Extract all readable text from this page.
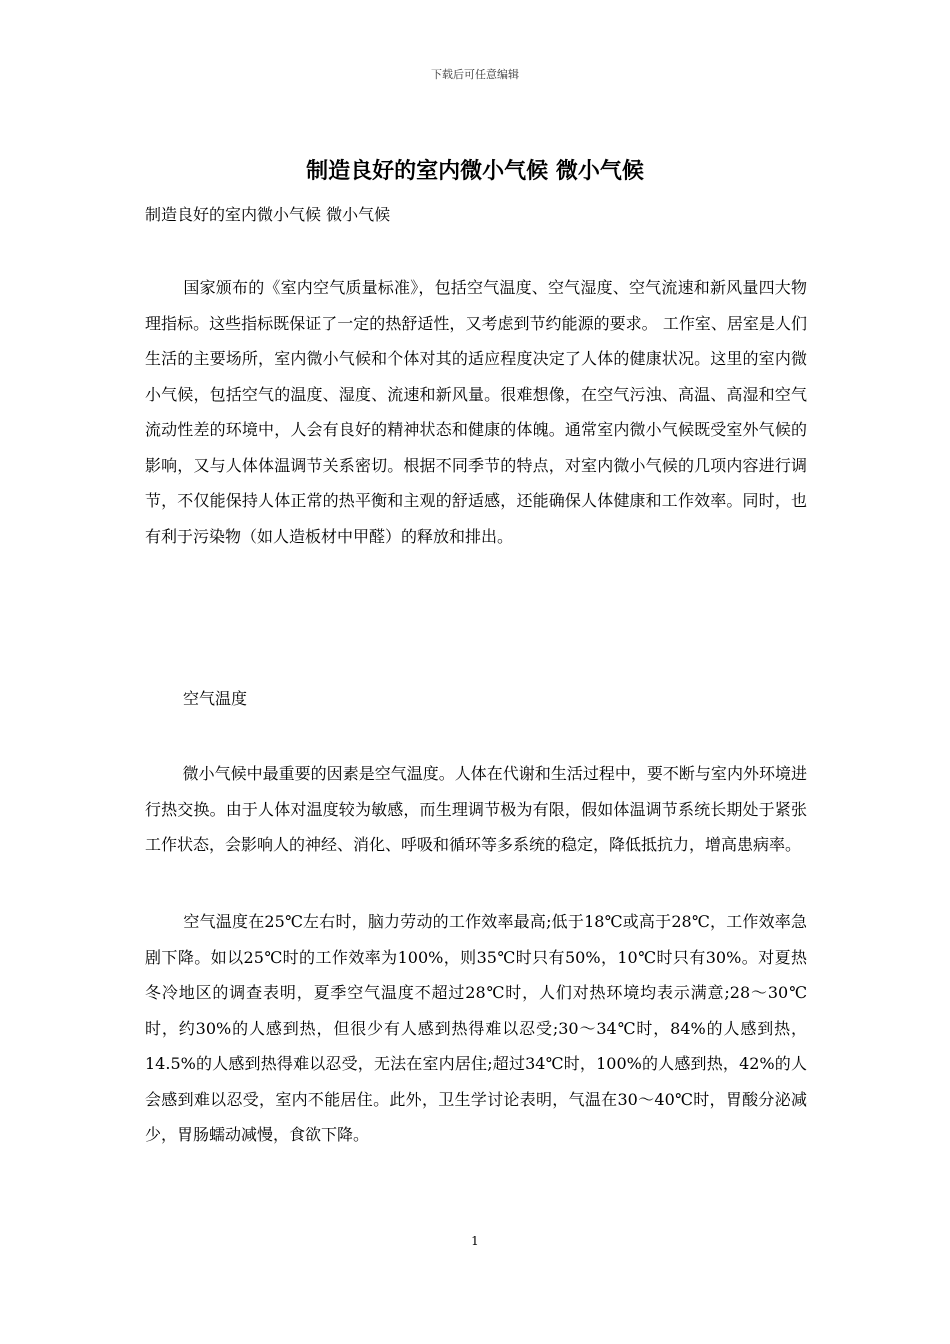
下载后可任意编辑
制造良好的室内微小气候 微小气候

制造良好的室内微小气候 微小气候

国家颁布的《室内空气质量标准》，包括空气温度、空气湿度、空气流速和新风量四大物理指标。这些指标既保证了一定的热舒适性，又考虑到节约能源的要求。 工作室、居室是人们生活的主要场所，室内微小气候和个体对其的适应程度决定了人体的健康状况。这里的室内微小气候，包括空气的温度、湿度、流速和新风量。很难想像，在空气污浊、高温、高湿和空气流动性差的环境中，人会有良好的精神状态和健康的体魄。通常室内微小气候既受室外气候的影响，又与人体体温调节关系密切。根据不同季节的特点，对室内微小气候的几项内容进行调节，不仅能保持人体正常的热平衡和主观的舒适感，还能确保人体健康和工作效率。同时，也有利于污染物（如人造板材中甲醛）的释放和排出。

空气温度

微小气候中最重要的因素是空气温度。人体在代谢和生活过程中，要不断与室内外环境进行热交换。由于人体对温度较为敏感，而生理调节极为有限，假如体温调节系统长期处于紧张工作状态，会影响人的神经、消化、呼吸和循环等多系统的稳定，降低抵抗力，增高患病率。

空气温度在25℃左右时，脑力劳动的工作效率最高;低于18℃或高于28℃，工作效率急剧下降。如以25℃时的工作效率为100%，则35℃时只有50%，10℃时只有30%。对夏热冬冷地区的调查表明，夏季空气温度不超过28℃时，人们对热环境均表示满意;28～30℃时，约30%的人感到热，但很少有人感到热得难以忍受;30～34℃时，84%的人感到热，14.5%的人感到热得难以忍受，无法在室内居住;超过34℃时，100%的人感到热，42%的人会感到难以忍受，室内不能居住。此外，卫生学讨论表明，气温在30～40℃时，胃酸分泌减少，胃肠蠕动减慢，食欲下降。

1
